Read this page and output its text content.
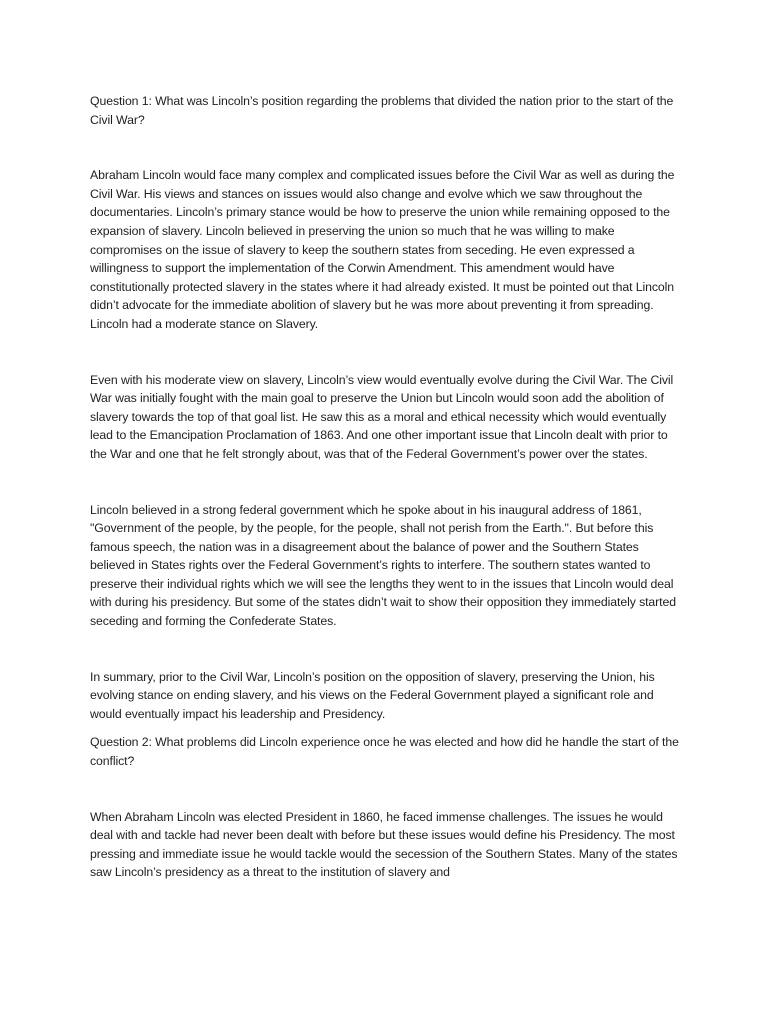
Question 1: What was Lincoln’s position regarding the problems that divided the nation prior to the start of the Civil War?

Abraham Lincoln would face many complex and complicated issues before the Civil War as well as during the Civil War. His views and stances on issues would also change and evolve which we saw throughout the documentaries. Lincoln’s primary stance would be how to preserve the union while remaining opposed to the expansion of slavery. Lincoln believed in preserving the union so much that he was willing to make compromises on the issue of slavery to keep the southern states from seceding. He even expressed a willingness to support the implementation of the Corwin Amendment. This amendment would have constitutionally protected slavery in the states where it had already existed. It must be pointed out that Lincoln didn’t advocate for the immediate abolition of slavery but he was more about preventing it from spreading. Lincoln had a moderate stance on Slavery.

Even with his moderate view on slavery, Lincoln’s view would eventually evolve during the Civil War. The Civil War was initially fought with the main goal to preserve the Union but Lincoln would soon add the abolition of slavery towards the top of that goal list. He saw this as a moral and ethical necessity which would eventually lead to the Emancipation Proclamation of 1863. And one other important issue that Lincoln dealt with prior to the War and one that he felt strongly about, was that of the Federal Government’s power over the states.

Lincoln believed in a strong federal government which he spoke about in his inaugural address of 1861, "Government of the people, by the people, for the people, shall not perish from the Earth.". But before this famous speech, the nation was in a disagreement about the balance of power and the Southern States believed in States rights over the Federal Government’s rights to interfere. The southern states wanted to preserve their individual rights which we will see the lengths they went to in the issues that Lincoln would deal with during his presidency. But some of the states didn’t wait to show their opposition they immediately started seceding and forming the Confederate States.

In summary, prior to the Civil War, Lincoln’s position on the opposition of slavery, preserving the Union, his evolving stance on ending slavery, and his views on the Federal Government played a significant role and would eventually impact his leadership and Presidency.

Question 2: What problems did Lincoln experience once he was elected and how did he handle the start of the conflict?

When Abraham Lincoln was elected President in 1860, he faced immense challenges. The issues he would deal with and tackle had never been dealt with before but these issues would define his Presidency. The most pressing and immediate issue he would tackle would the secession of the Southern States. Many of the states saw Lincoln’s presidency as a threat to the institution of slavery and
